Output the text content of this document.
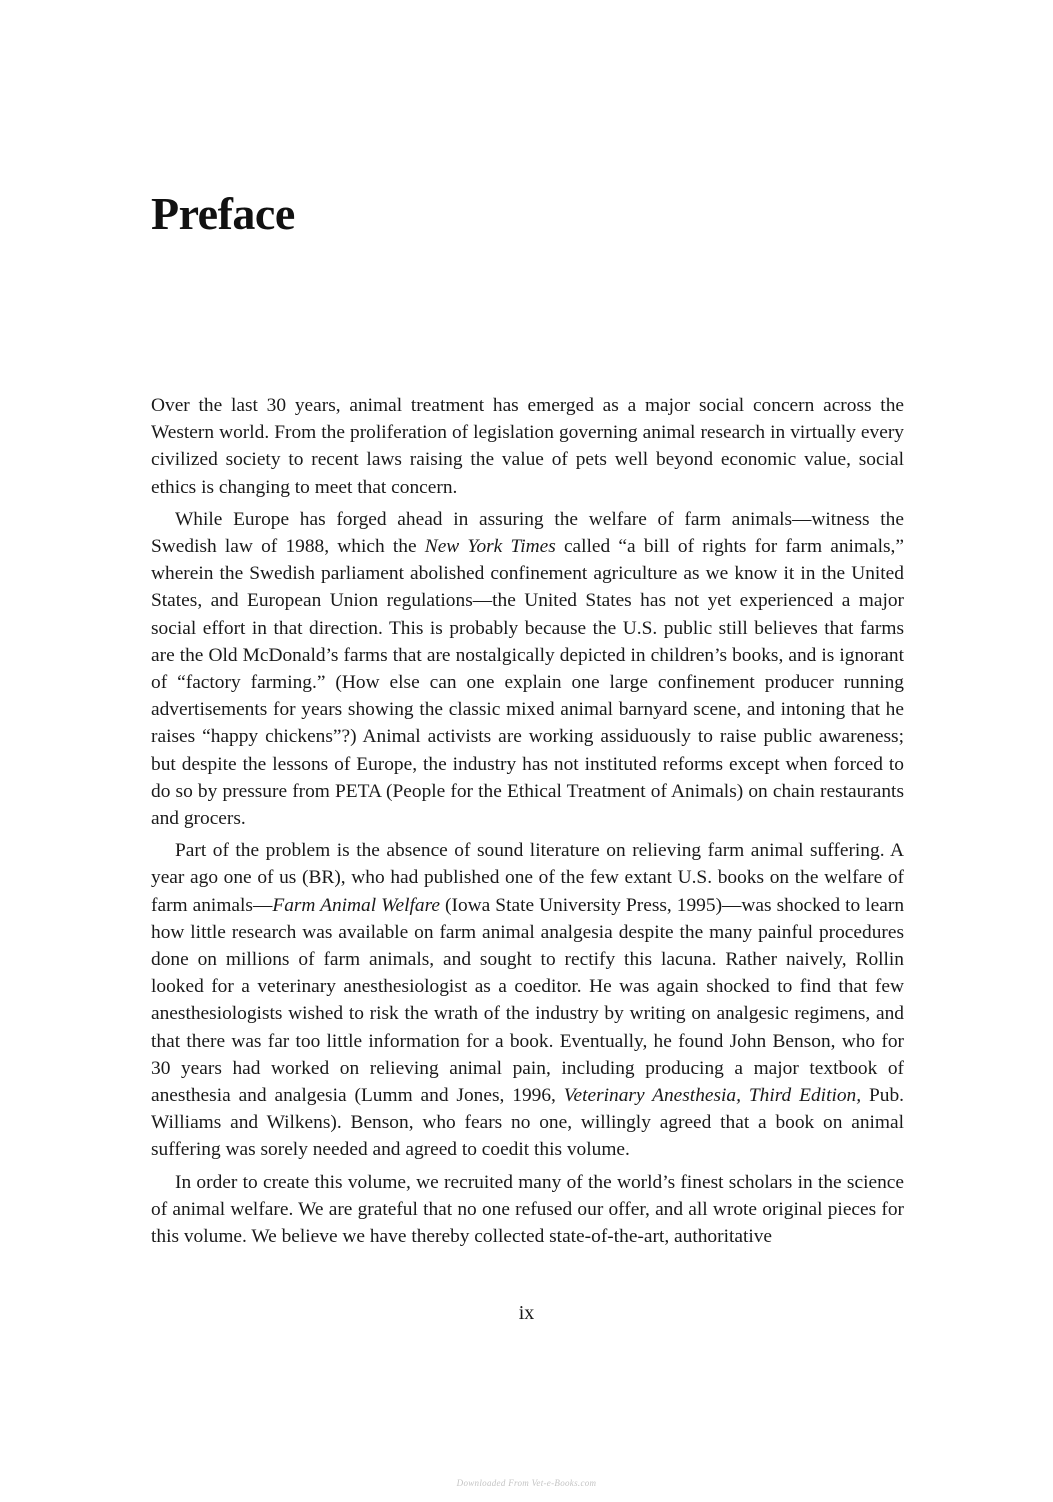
Preface

Over the last 30 years, animal treatment has emerged as a major social concern across the Western world. From the proliferation of legislation governing animal research in virtually every civilized society to recent laws raising the value of pets well beyond economic value, social ethics is changing to meet that concern.

While Europe has forged ahead in assuring the welfare of farm animals—witness the Swedish law of 1988, which the New York Times called “a bill of rights for farm animals,” wherein the Swedish parliament abolished confinement agriculture as we know it in the United States, and European Union regulations—the United States has not yet experienced a major social effort in that direction. This is probably because the U.S. public still believes that farms are the Old McDonald’s farms that are nostalgically depicted in children’s books, and is ignorant of “factory farming.” (How else can one explain one large confinement producer running advertisements for years showing the classic mixed animal barnyard scene, and intoning that he raises “happy chickens”?) Animal activists are working assiduously to raise public awareness; but despite the lessons of Europe, the industry has not instituted reforms except when forced to do so by pressure from PETA (People for the Ethical Treatment of Animals) on chain restaurants and grocers.

Part of the problem is the absence of sound literature on relieving farm animal suffering. A year ago one of us (BR), who had published one of the few extant U.S. books on the welfare of farm animals—Farm Animal Welfare (Iowa State University Press, 1995)—was shocked to learn how little research was available on farm animal analgesia despite the many painful procedures done on millions of farm animals, and sought to rectify this lacuna. Rather naively, Rollin looked for a veterinary anesthesiologist as a coeditor. He was again shocked to find that few anesthesiologists wished to risk the wrath of the industry by writing on analgesic regimens, and that there was far too little information for a book. Eventually, he found John Benson, who for 30 years had worked on relieving animal pain, including producing a major textbook of anesthesia and analgesia (Lumm and Jones, 1996, Veterinary Anesthesia, Third Edition, Pub. Williams and Wilkens). Benson, who fears no one, willingly agreed that a book on animal suffering was sorely needed and agreed to coedit this volume.

In order to create this volume, we recruited many of the world’s finest scholars in the science of animal welfare. We are grateful that no one refused our offer, and all wrote original pieces for this volume. We believe we have thereby collected state-of-the-art, authoritative

ix
Downloaded From Vet-e-Books.com
